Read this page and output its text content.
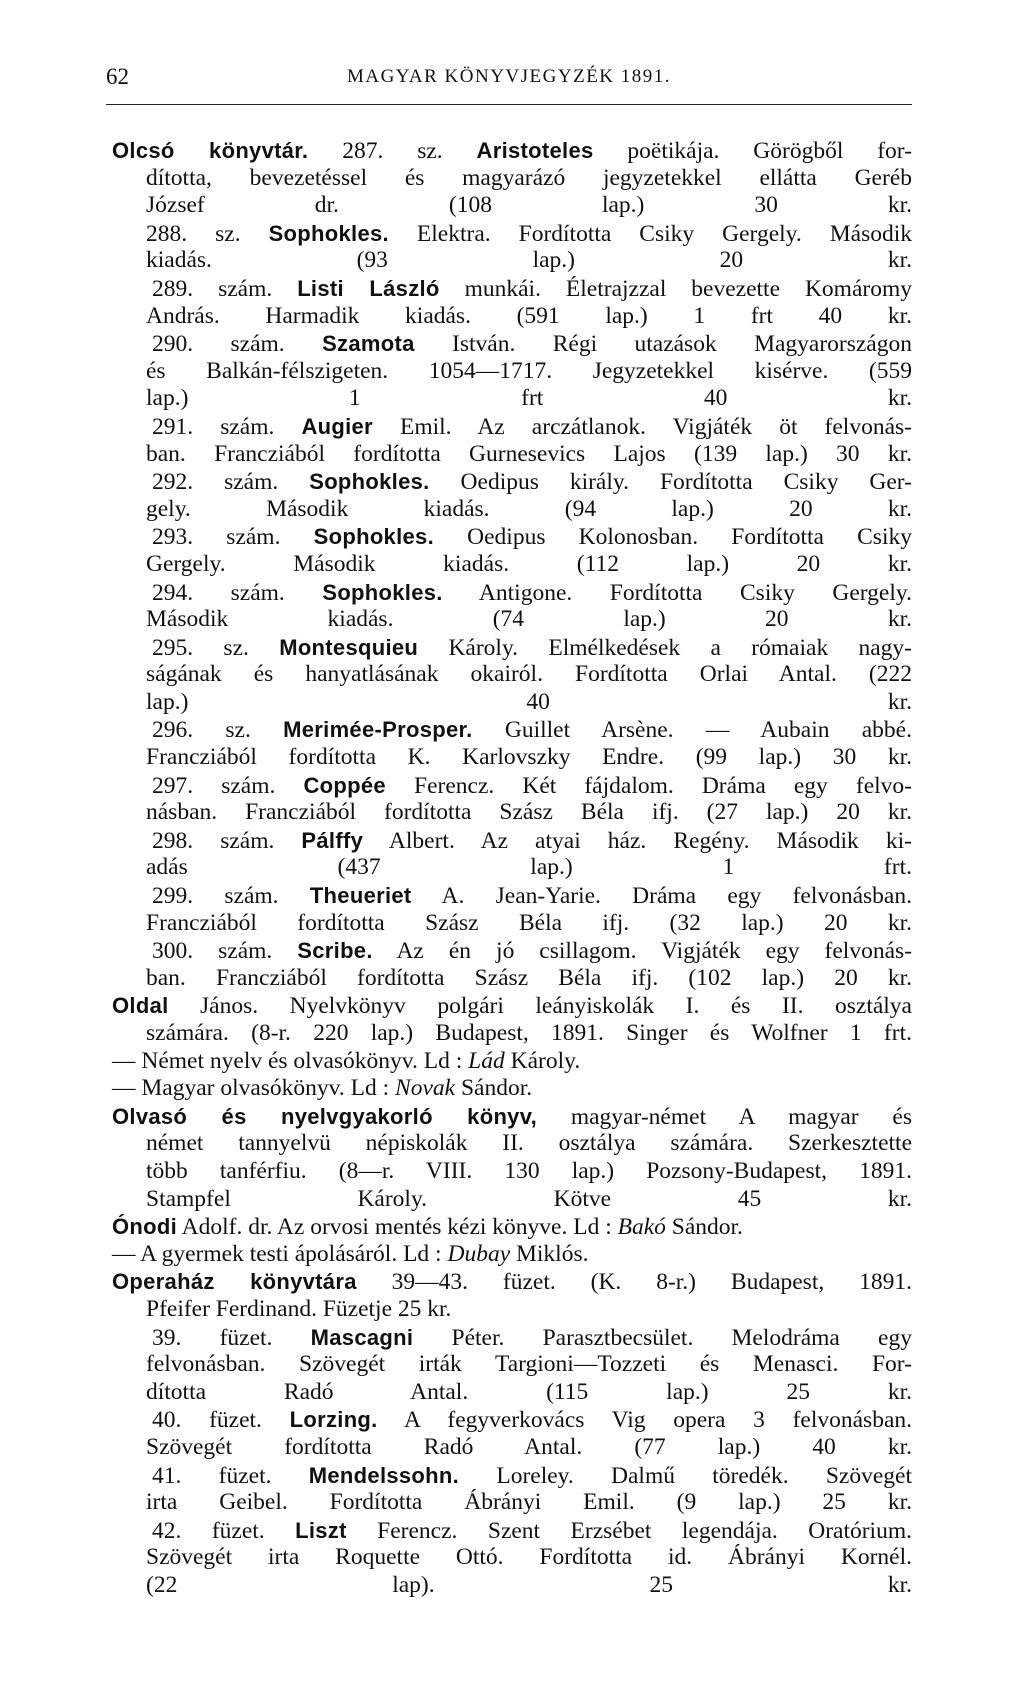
62	MAGYAR KÖNYVJEGYZÉK 1891.
Olcsó könyvtár. 287. sz. Aristoteles poëtikája. Görögből for-
dította, bevezetéssel és magyarázó jegyzetekkel ellátta Geréb
József dr. (108 lap.) 30 kr.
288. sz. Sophokles. Elektra. Fordította Csiky Gergely. Második
kiadás. (93 lap.) 20 kr.
289. szám. Listi László munkái. Életrajzzal bevezette Komáromy
András. Harmadik kiadás. (591 lap.) 1 frt 40 kr.
290. szám. Szamota István. Régi utazások Magyarországon
és Balkán-félszigeten. 1054—1717. Jegyzetekkel kisérve. (559
lap.) 1 frt 40 kr.
291. szám. Augier Emil. Az arczátlanok. Vigjáték öt felvonás-
ban. Francziából fordította Gurnesevics Lajos (139 lap.) 30 kr.
292. szám. Sophokles. Oedipus király. Fordította Csiky Ger-
gely. Második kiadás. (94 lap.) 20 kr.
293. szám. Sophokles. Oedipus Kolonosban. Fordította Csiky
Gergely. Második kiadás. (112 lap.) 20 kr.
294. szám. Sophokles. Antigone. Fordította Csiky Gergely.
Második kiadás. (74 lap.) 20 kr.
295. sz. Montesquieu Károly. Elmélkedések a rómaiak nagy-
ságának és hanyatlásának okairól. Fordította Orlai Antal. (222
lap.) 40 kr.
296. sz. Merimée-Prosper. Guillet Arsène. — Aubain abbé.
Francziából fordította K. Karlovszky Endre. (99 lap.) 30 kr.
297. szám. Coppée Ferencz. Két fájdalom. Dráma egy felvo-
násban. Francziából fordította Szász Béla ifj. (27 lap.) 20 kr.
298. szám. Pálffy Albert. Az atyai ház. Regény. Második ki-
adás (437 lap.) 1 frt.
299. szám. Theueriet A. Jean-Yarie. Dráma egy felvonásban.
Francziából fordította Szász Béla ifj. (32 lap.) 20 kr.
300. szám. Scribe. Az én jó csillagom. Vigjáték egy felvonás-
ban. Francziából fordította Szász Béla ifj. (102 lap.) 20 kr.
Oldal János. Nyelvkönyv polgári leányiskolák I. és II. osztálya
számára. (8-r. 220 lap.) Budapest, 1891. Singer és Wolfner 1 frt.
— Német nyelv és olvasókönyv. Ld : Lád Károly.
— Magyar olvasókönyv. Ld : Novak Sándor.
Olvasó és nyelvgyakorló könyv, magyar-német A magyar és
német tannyelvü népiskolák II. osztálya számára. Szerkesztette
több tanférfiu. (8—r. VIII. 130 lap.) Pozsony-Budapest, 1891.
Stampfel Károly. Kötve 45 kr.
Ónodi Adolf. dr. Az orvosi mentés kézi könyve. Ld : Bakó Sándor.
— A gyermek testi ápolásáról. Ld : Dubay Miklós.
Operaház könyvtára 39—43. füzet. (K. 8-r.) Budapest, 1891.
Pfeifer Ferdinand. Füzetje 25 kr.
39. füzet. Mascagni Péter. Parasztbecsület. Melodráma egy
felvonásban. Szövegét irták Targioni—Tozzeti és Menasci. For-
dította Radó Antal. (115 lap.) 25 kr.
40. füzet. Lorzing. A fegyverkovács Vig opera 3 felvonásban.
Szövegét fordította Radó Antal. (77 lap.) 40 kr.
41. füzet. Mendelssohn. Loreley. Dalmű töredék. Szövegét
irta Geibel. Fordította Ábrányi Emil. (9 lap.) 25 kr.
42. füzet. Liszt Ferencz. Szent Erzsébet legendája. Oratórium.
Szövegét irta Roquette Ottó. Fordította id. Ábrányi Kornél.
(22 lap). 25 kr.
